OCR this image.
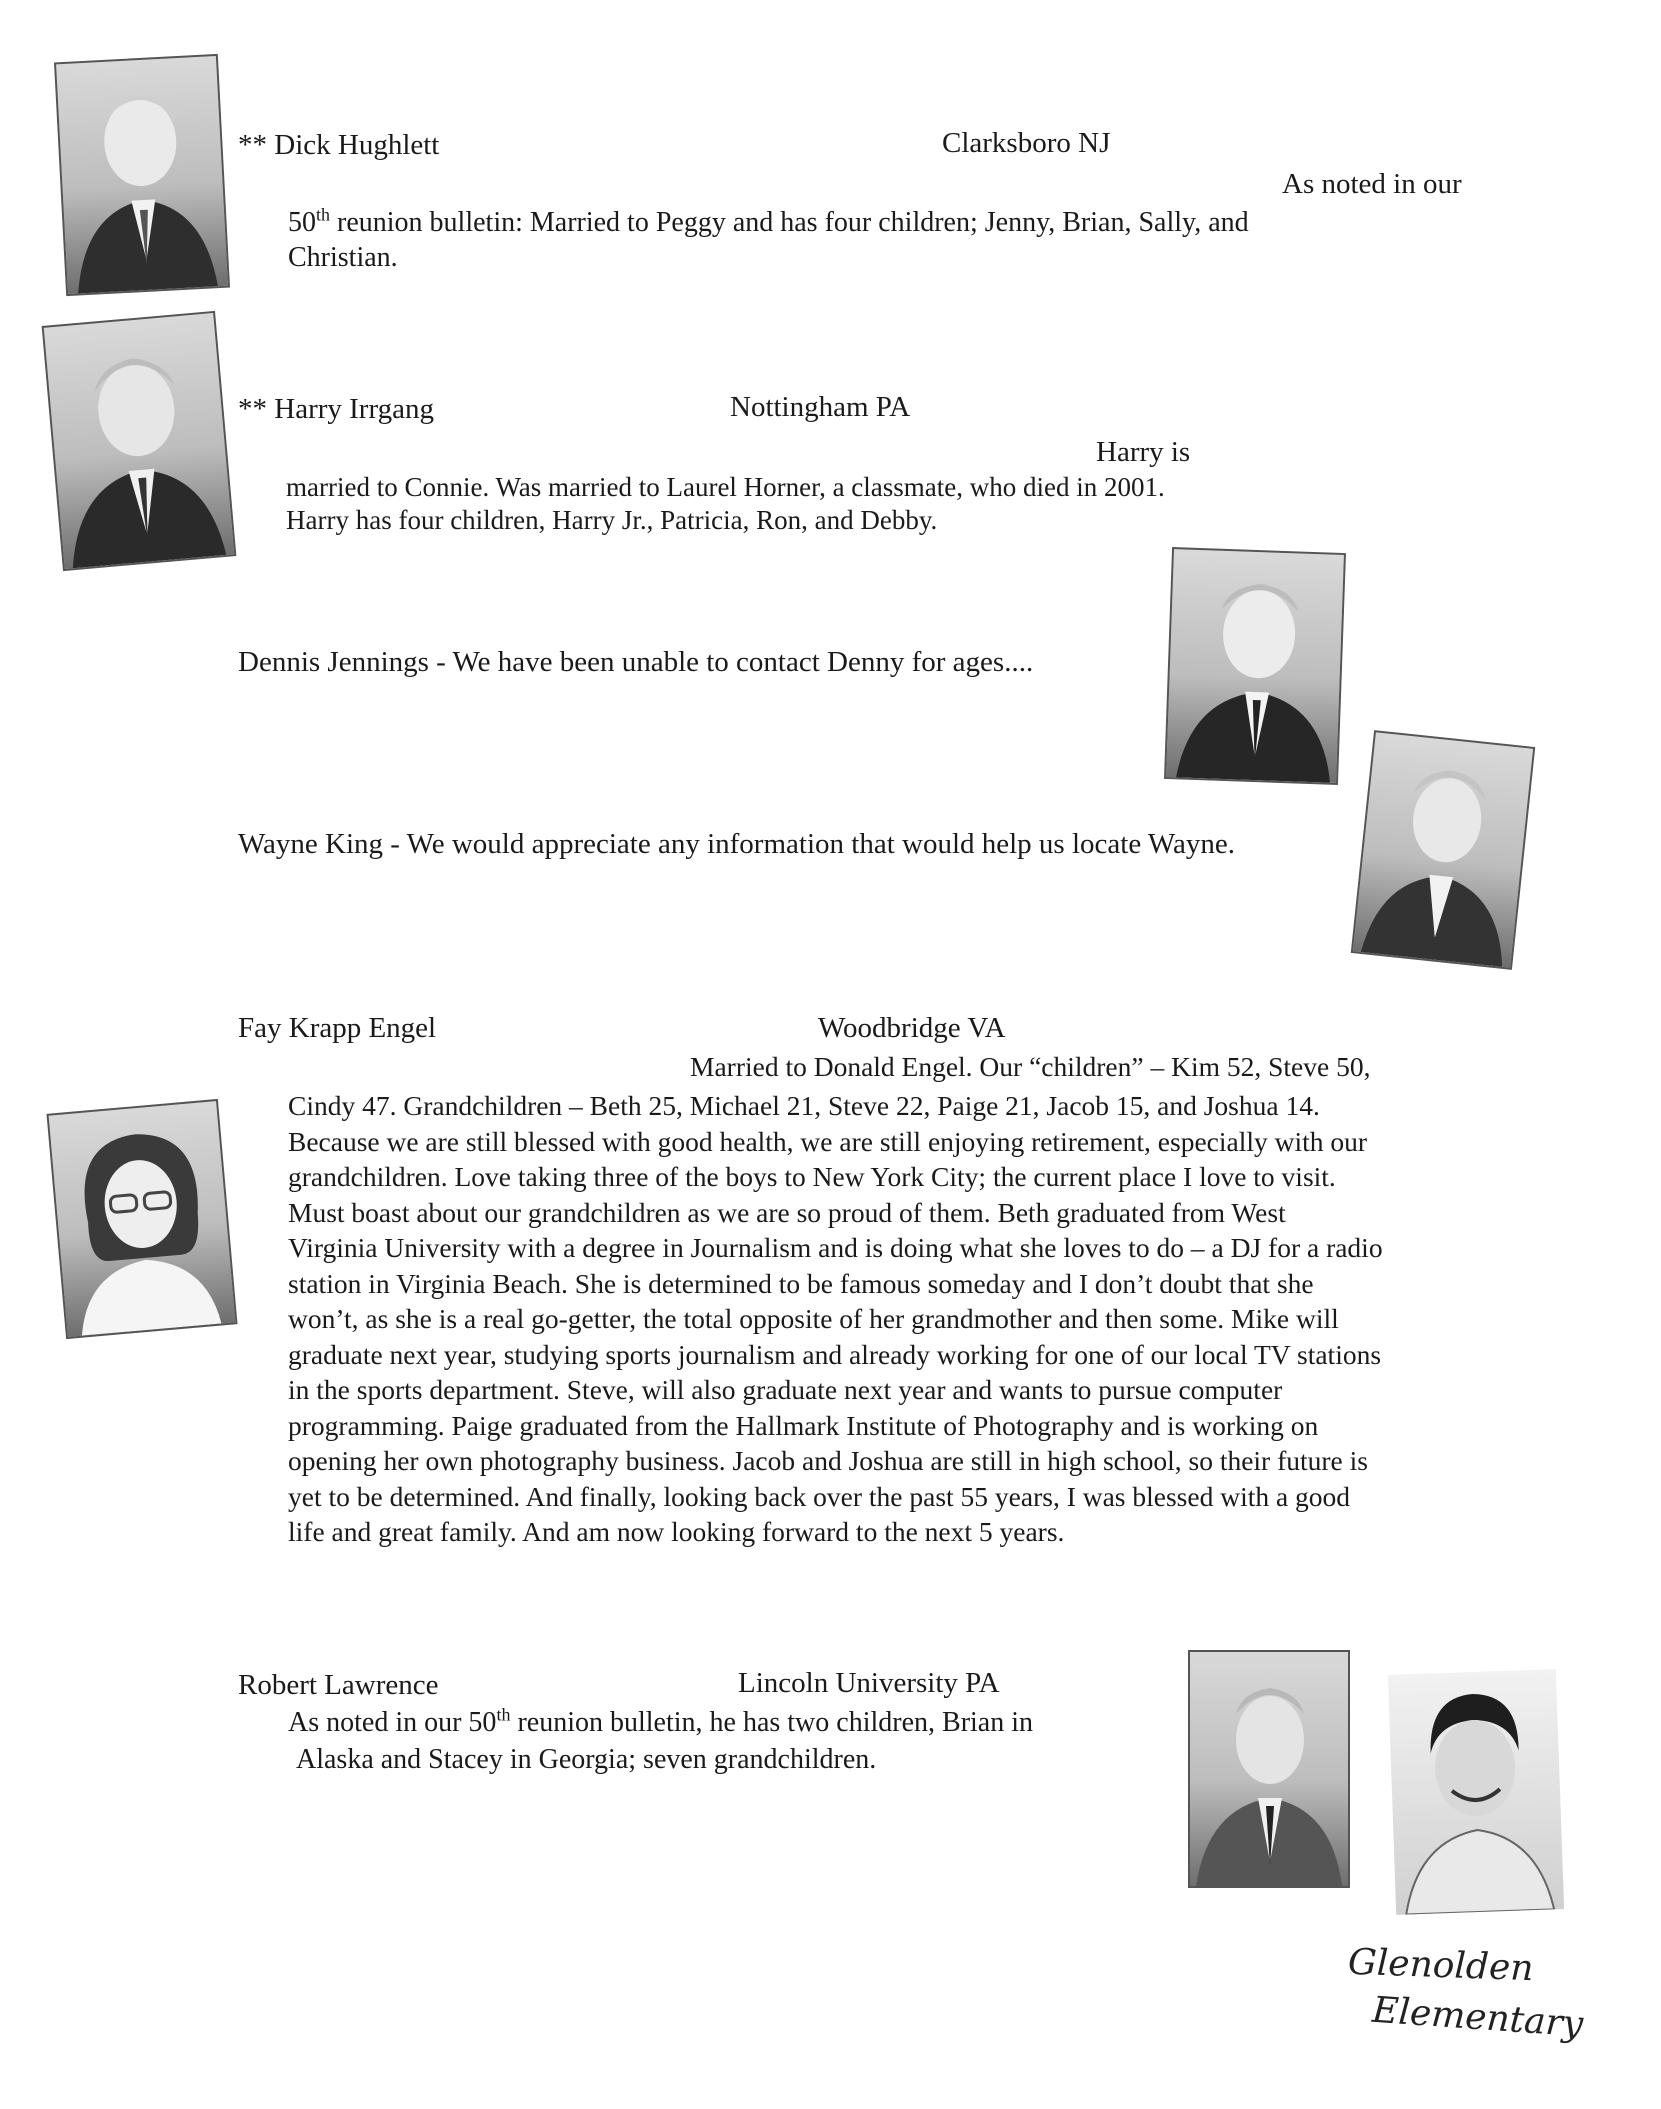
** Dick Hughlett	Clarksboro NJ
As noted in our
50th reunion bulletin: Married to Peggy and has four children; Jenny, Brian, Sally, and
Christian.
** Harry Irrgang	Nottingham PA
Harry is
married to Connie. Was married to Laurel Horner, a classmate, who died in 2001.
Harry has four children, Harry Jr., Patricia, Ron, and Debby.
Dennis Jennings - We have been unable to contact Denny for ages....
Wayne King - We would appreciate any information that would help us locate Wayne.
Fay Krapp Engel	Woodbridge VA
Married to Donald Engel. Our “children” – Kim 52, Steve 50,
Cindy 47. Grandchildren – Beth 25, Michael 21, Steve 22, Paige 21, Jacob 15, and Joshua 14.
Because we are still blessed with good health, we are still enjoying retirement, especially with our
grandchildren. Love taking three of the boys to New York City; the current place I love to visit.
Must boast about our grandchildren as we are so proud of them. Beth graduated from West
Virginia University with a degree in Journalism and is doing what she loves to do – a DJ for a radio
station in Virginia Beach. She is determined to be famous someday and I don’t doubt that she
won’t, as she is a real go-getter, the total opposite of her grandmother and then some. Mike will
graduate next year, studying sports journalism and already working for one of our local TV stations
in the sports department. Steve, will also graduate next year and wants to pursue computer
programming. Paige graduated from the Hallmark Institute of Photography and is working on
opening her own photography business. Jacob and Joshua are still in high school, so their future is
yet to be determined. And finally, looking back over the past 55 years, I was blessed with a good
life and great family. And am now looking forward to the next 5 years.
Robert Lawrence	Lincoln University PA
As noted in our 50th reunion bulletin, he has two children, Brian in
Alaska and Stacey in Georgia; seven grandchildren.
Glenolden
Elementary
